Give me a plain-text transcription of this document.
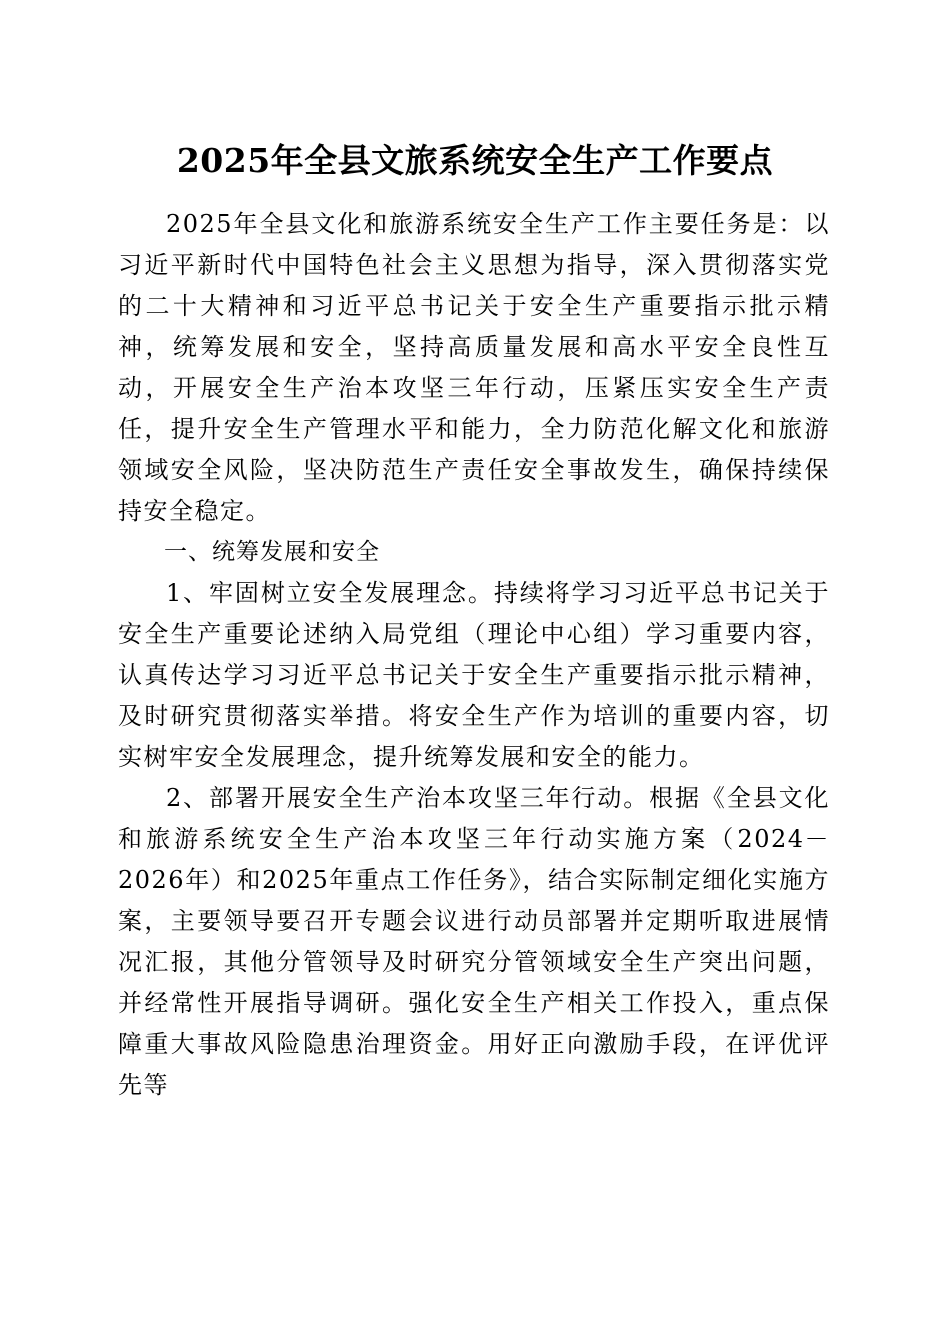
2025年全县文旅系统安全生产工作要点

2025年全县文化和旅游系统安全生产工作主要任务是：以习近平新时代中国特色社会主义思想为指导，深入贯彻落实党的二十大精神和习近平总书记关于安全生产重要指示批示精神，统筹发展和安全，坚持高质量发展和高水平安全良性互动，开展安全生产治本攻坚三年行动，压紧压实安全生产责任，提升安全生产管理水平和能力，全力防范化解文化和旅游领域安全风险，坚决防范生产责任安全事故发生，确保持续保持安全稳定。

一、统筹发展和安全

1、牢固树立安全发展理念。持续将学习习近平总书记关于安全生产重要论述纳入局党组（理论中心组）学习重要内容，认真传达学习习近平总书记关于安全生产重要指示批示精神，及时研究贯彻落实举措。将安全生产作为培训的重要内容，切实树牢安全发展理念，提升统筹发展和安全的能力。

2、部署开展安全生产治本攻坚三年行动。根据《全县文化和旅游系统安全生产治本攻坚三年行动实施方案（2024－2026年）和2025年重点工作任务》，结合实际制定细化实施方案，主要领导要召开专题会议进行动员部署并定期听取进展情况汇报，其他分管领导及时研究分管领域安全生产突出问题，并经常性开展指导调研。强化安全生产相关工作投入，重点保障重大事故风险隐患治理资金。用好正向激励手段，在评优评先等
